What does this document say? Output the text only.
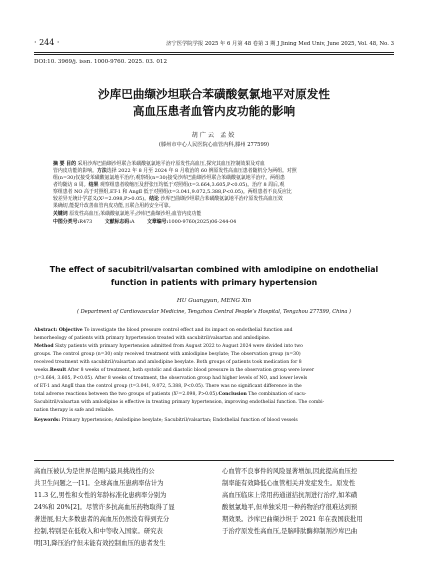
· 244 ·	济宁医学院学报 2025 年 6 月第 48 卷第 3 期 J Jining Med Univ, June 2025, Vol. 48, No. 3
DOI:10. 3969/j. issn. 1000-9760. 2025. 03. 012
沙库巴曲缬沙坦联合苯磺酸氨氯地平对原发性
高血压患者血管内皮功能的影响
胡广云 孟姣
(滕州市中心人民医院心血管内科,滕州 277599)
摘 要 目的 采用沙库巴曲缬沙坦联合苯磺酸氨氯地平治疗原发性高血压,探究其血压控制效果及对血
管内皮功能的影响。方法选择 2022 年 8 月至 2024 年 8 月收治的 60 例原发性高血压患者随机分为两组。对照
组(n=30)仅接受苯磺酸氨氯地平治疗;观察组(n=30)接受沙库巴曲缬沙坦联合苯磺酸氨氯地平治疗。两组患
者均随访 8 周。结果 观察组患者收缩压及舒张压均低于对照组(t=3.664,3.605,P<0.05)。治疗 8 周后,观
察组患者 NO 高于对照组,ET-1 和 AngⅡ 低于对照组(t=3.041,9.072,5.388,P<0.05)。两组患者不良反应比
较差异无统计学意义(X²=2.098,P>0.05)。结论 沙库巴曲缬沙坦联合苯磺酸氨氯地平治疗原发性高血压效
果确切,能提升改善血管内皮功能,且联合用药安全可靠。
关键词 原发性高血压;苯磺酸氨氯地平;沙库巴曲缬沙坦;血管内皮功能
中图分类号:R473	文献标志码:A	文章编号:1000-9760(2025)06-244-04
The effect of sacubitril/valsartan combined with amlodipine on endothelial
function in patients with primary hypertension
HU Guangyun, MENG Xin
( Department of Cardiovascular Medicine, Tengzhou Central People’s Hospital, Tengzhou 277599, China )
Abstract: Objective To investigate the blood pressure control effect and its impact on endothelial function and
hemorheology of patients with primary hypertension treated with sacubitril/valsartan and amlodipine.
Method Sixty patients with primary hypertension admitted from August 2022 to August 2024 were divided into two
groups. The control group (n=30) only received treatment with amlodipine besylate; The observation group (n=30)
received treatment with sacubitril/valsartan and amlodipine besylate. Both groups of patients took medication for 8
weeks.Result After 8 weeks of treatment, both systolic and diastolic blood pressure in the observation group were lower
(t=3.664, 3.605, P<0.05). After 8 weeks of treatment, the observation group had higher levels of NO, and lower levels
of ET-1 and AngⅡ than the control group (t=3.041, 9.072, 5.388, P<0.05). There was no significant difference in the
total adverse reactions between the two groups of patients (X²=2.098, P>0.05).Conclusion The combination of sacu-
Sacubitril/valsartan with amlodipine is effective in treating primary hypertension, improving endothelial function. The combi-
nation therapy is safe and reliable.
Keywords: Primary hypertension; Amlodipine besylate; Sacubitril/valsartan; Endothelial function of blood vessels
高血压被认为是世界范围内最具挑战性的公
共卫生问题之一[1]。全球高血压患病率估计为
11.3 亿,男性和女性的年龄标准化患病率分别为
24%和 20%[2]。尽管许多抗高血压药物取得了显
著进展,但大多数患者的高血压仍然没有得到充分
控制,特别是在低收入和中等收入国家。研究表
明[3],降压治疗但未能有效控制血压的患者发生
心血管不良事件的风险显著增加,因此提高血压控
制率能有效降低心血管相关并发症发生。原发性
高血压临床上常用药通道拮抗剂进行治疗,如苯磺
酸氨氯地平,但单独采用一种药物治疗很难达到预
期效果。沙库巴曲缬沙坦于 2021 年在我国获批用
于治疗原发性高血压,是脑啡肽酶抑制剂沙库巴曲
